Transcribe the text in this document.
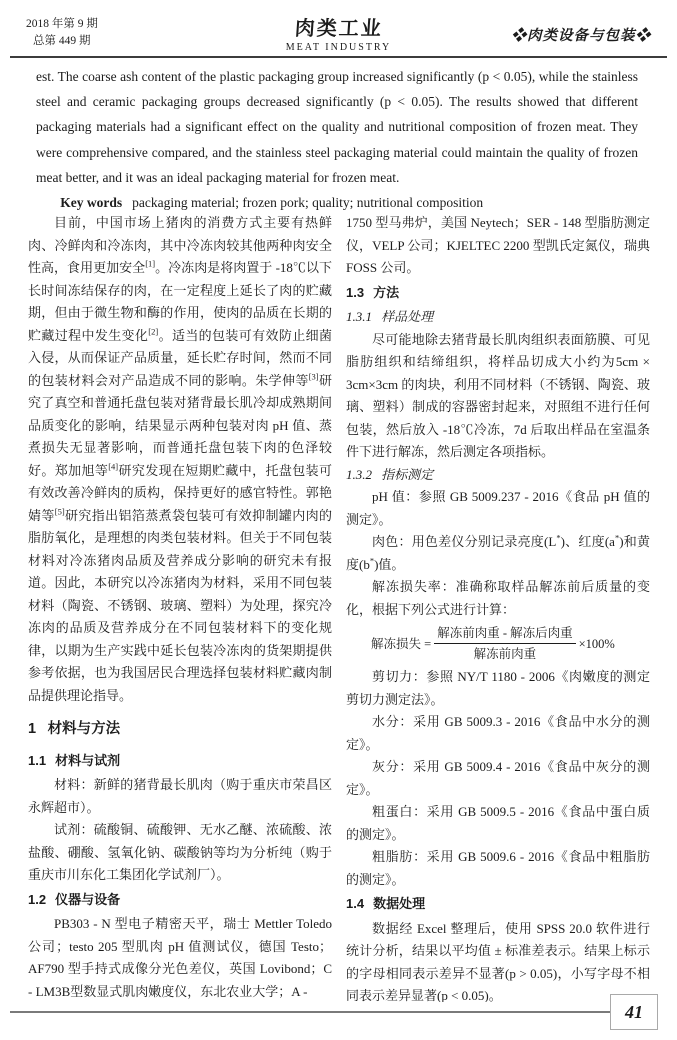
2018 年第 9 期
总第 449 期
肉类工业
MEAT INDUSTRY
❖肉类设备与包装❖

est. The coarse ash content of the plastic packaging group increased significantly (p < 0.05), while the stainless steel and ceramic packaging groups decreased significantly (p < 0.05). The results showed that different packaging materials had a significant effect on the quality and nutritional composition of frozen meat. They were comprehensive compared, and the stainless steel packaging material could maintain the quality of frozen meat better, and it was an ideal packaging material for frozen meat.

Key words packaging material; frozen pork; quality; nutritional composition

目前，中国市场上猪肉的消费方式主要有热鲜肉、冷鲜肉和冷冻肉，其中冷冻肉较其他两种肉安全性高，食用更加安全[1]。冷冻肉是将肉置于 -18℃以下长时间冻结保存的肉，在一定程度上延长了肉的贮藏期，但由于微生物和酶的作用，使肉的品质在长期的贮藏过程中发生变化[2]。适当的包装可有效防止细菌入侵，从而保证产品质量，延长贮存时间，然而不同的包装材料会对产品造成不同的影响。朱学伸等[3]研究了真空和普通托盘包装对猪背最长肌冷却成熟期间品质变化的影响，结果显示两种包装对肉 pH 值、蒸煮损失无显著影响，而普通托盘包装下肉的色泽较好。郑加旭等[4]研究发现在短期贮藏中，托盘包装可有效改善冷鲜肉的质构，保持更好的感官特性。郭艳婧等[5]研究指出铝箔蒸煮袋包装可有效抑制罐内肉的脂肪氧化，是理想的肉类包装材料。但关于不同包装材料对冷冻猪肉品质及营养成分影响的研究未有报道。因此，本研究以冷冻猪肉为材料，采用不同包装材料（陶瓷、不锈钢、玻璃、塑料）为处理，探究冷冻肉的品质及营养成分在不同包装材料下的变化规律，以期为生产实践中延长包装冷冻肉的货架期提供参考依据，也为我国居民合理选择包装材料贮藏肉制品提供理论指导。

1 材料与方法
1.1 材料与试剂

材料：新鲜的猪背最长肌肉（购于重庆市荣昌区永辉超市）。

试剂：硫酸铜、硫酸钾、无水乙醚、浓硫酸、浓盐酸、硼酸、氢氧化钠、碳酸钠等均为分析纯（购于重庆市川东化工集团化学试剂厂）。

1.2 仪器与设备

PB303 - N 型电子精密天平，瑞士 Mettler Toledo 公司；testo 205 型肌肉 pH 值测试仪，德国 Testo；AF790 型手持式成像分光色差仪，英国 Lovibond；C - LM3B型数显式肌肉嫩度仪，东北农业大学；A -

1750 型马弗炉，美国 Neytech；SER - 148 型脂肪测定仪，VELP 公司；KJELTEC 2200 型凯氏定氮仪，瑞典 FOSS 公司。

1.3 方法
1.3.1 样品处理

尽可能地除去猪背最长肌肉组织表面筋膜、可见脂肪组织和结缔组织，将样品切成大小约为5cm × 3cm×3cm 的肉块，利用不同材料（不锈钢、陶瓷、玻璃、塑料）制成的容器密封起来，对照组不进行任何包装，然后放入 -18℃冷冻，7d 后取出样品在室温条件下进行解冻，然后测定各项指标。

1.3.2 指标测定

pH 值：参照 GB 5009.237 - 2016《食品 pH 值的测定》。

肉色：用色差仪分别记录亮度(L*)、红度(a*)和黄度(b*)值。

解冻损失率：准确称取样品解冻前后质量的变化，根据下列公式进行计算：

解冻损失 = $\frac{\text{解冻前肉重 - 解冻后肉重}}{\text{解冻前肉重}} \times 100\%$

剪切力：参照 NY/T 1180 - 2006《肉嫩度的测定 剪切力测定法》。

水分：采用 GB 5009.3 - 2016《食品中水分的测定》。

灰分：采用 GB 5009.4 - 2016《食品中灰分的测定》。

粗蛋白：采用 GB 5009.5 - 2016《食品中蛋白质的测定》。

粗脂肪：采用 GB 5009.6 - 2016《食品中粗脂肪的测定》。

1.4 数据处理

数据经 Excel 整理后，使用 SPSS 20.0 软件进行统计分析，结果以平均值 ± 标准差表示。结果上标示的字母相同表示差异不显著(p > 0.05)，小写字母不相同表示差异显著(p < 0.05)。

41
